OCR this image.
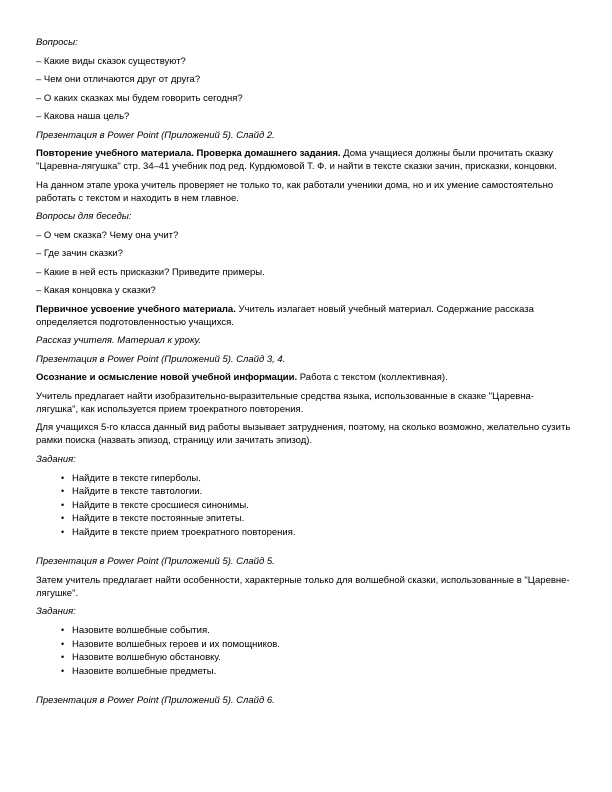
Вопросы:

– Какие виды сказок существуют?

– Чем они отличаются друг от друга?

– О каких сказках мы будем говорить сегодня?

– Какова наша цель?

Презентация в Power Point (Приложений 5). Слайд 2.

Повторение учебного материала. Проверка домашнего задания. Дома учащиеся должны были прочитать сказку "Царевна-лягушка" стр. 34–41 учебник под ред. Курдюмовой Т. Ф. и найти в тексте сказки зачин, присказки, концовки.

На данном этапе урока учитель проверяет не только то, как работали ученики дома, но и их умение самостоятельно работать с текстом и находить в нем главное.

Вопросы для беседы:

– О чем сказка? Чему она учит?

– Где зачин сказки?

– Какие в ней есть присказки? Приведите примеры.

– Какая концовка у сказки?

Первичное усвоение учебного материала. Учитель излагает новый учебный материал. Содержание рассказа определяется подготовленностью учащихся.

Рассказ учителя. Материал к уроку.

Презентация в Power Point (Приложений 5). Слайд 3, 4.

Осознание и осмысление новой учебной информации. Работа с текстом (коллективная).

Учитель предлагает найти изобразительно-выразительные средства языка, использованные в сказке "Царевна-лягушка", как используется прием троекратного повторения.

Для учащихся 5-го класса данный вид работы вызывает затруднения, поэтому, на сколько возможно, желательно сузить рамки поиска (назвать эпизод, страницу или зачитать эпизод).

Задания:

• Найдите в тексте гиперболы.
• Найдите в тексте тавтологии.
• Найдите в тексте сросшиеся синонимы.
• Найдите в тексте постоянные эпитеты.
• Найдите в тексте прием троекратного повторения.

Презентация в Power Point (Приложений 5). Слайд 5.

Затем учитель предлагает найти особенности, характерные только для волшебной сказки, использованные в "Царевне-лягушке".

Задания:

• Назовите волшебные события.
• Назовите волшебных героев и их помощников.
• Назовите волшебную обстановку.
• Назовите волшебные предметы.

Презентация в Power Point (Приложений 5). Слайд 6.
